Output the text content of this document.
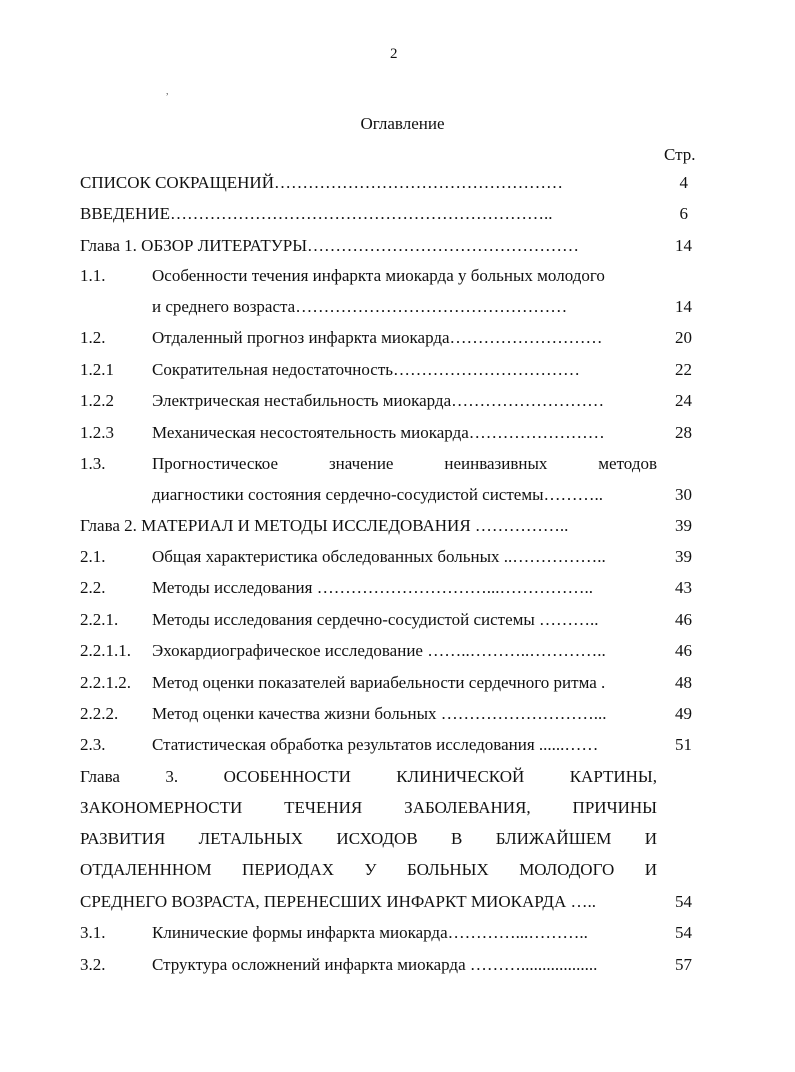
2
,
Оглавление
Стр.
СПИСОК СОКРАЩЕНИЙ……………………………………………	4
ВВЕДЕНИЕ…………………………………………………………..	6
Глава 1. ОБЗОР ЛИТЕРАТУРЫ…………………………………………	14
1.1.	Особенности течения инфаркта миокарда у больных молодого
и среднего возраста…………………………………………	14
1.2.	Отдаленный прогноз инфаркта миокарда………………………	20
1.2.1 Сократительная недостаточность……………………………	22
1.2.2 Электрическая нестабильность миокарда………………………	24
1.2.3 Механическая несостоятельность миокарда……………………	28
1.3.	Прогностическое значение неинвазивных методов
диагностики состояния сердечно-сосудистой системы………..	30
Глава 2. МАТЕРИАЛ И МЕТОДЫ ИССЛЕДОВАНИЯ ……………..	39
2.1.	Общая характеристика обследованных больных ..……………..	39
2.2.	Методы исследования …………………………...……………..	43
2.2.1. Методы исследования сердечно-сосудистой системы ………..	46
2.2.1.1. Эхокардиографическое исследование ……..………..…………..	46
2.2.1.2. Метод оценки показателей вариабельности сердечного ритма .	48
2.2.2. Метод оценки качества жизни больных ………………………...	49
2.3.	Статистическая обработка результатов исследования ......……	51
Глава 3. ОСОБЕННОСТИ КЛИНИЧЕСКОЙ КАРТИНЫ,
ЗАКОНОМЕРНОСТИ ТЕЧЕНИЯ ЗАБОЛЕВАНИЯ, ПРИЧИНЫ
РАЗВИТИЯ ЛЕТАЛЬНЫХ ИСХОДОВ В БЛИЖАЙШЕМ И
ОТДАЛЕНННОМ ПЕРИОДАХ У БОЛЬНЫХ МОЛОДОГО И
СРЕДНЕГО ВОЗРАСТА, ПЕРЕНЕСШИХ ИНФАРКТ МИОКАРДА …..	54
3.1.	Клинические формы инфаркта миокарда…………...………..	54
3.2.	Структура осложнений инфаркта миокарда ………..................	57
